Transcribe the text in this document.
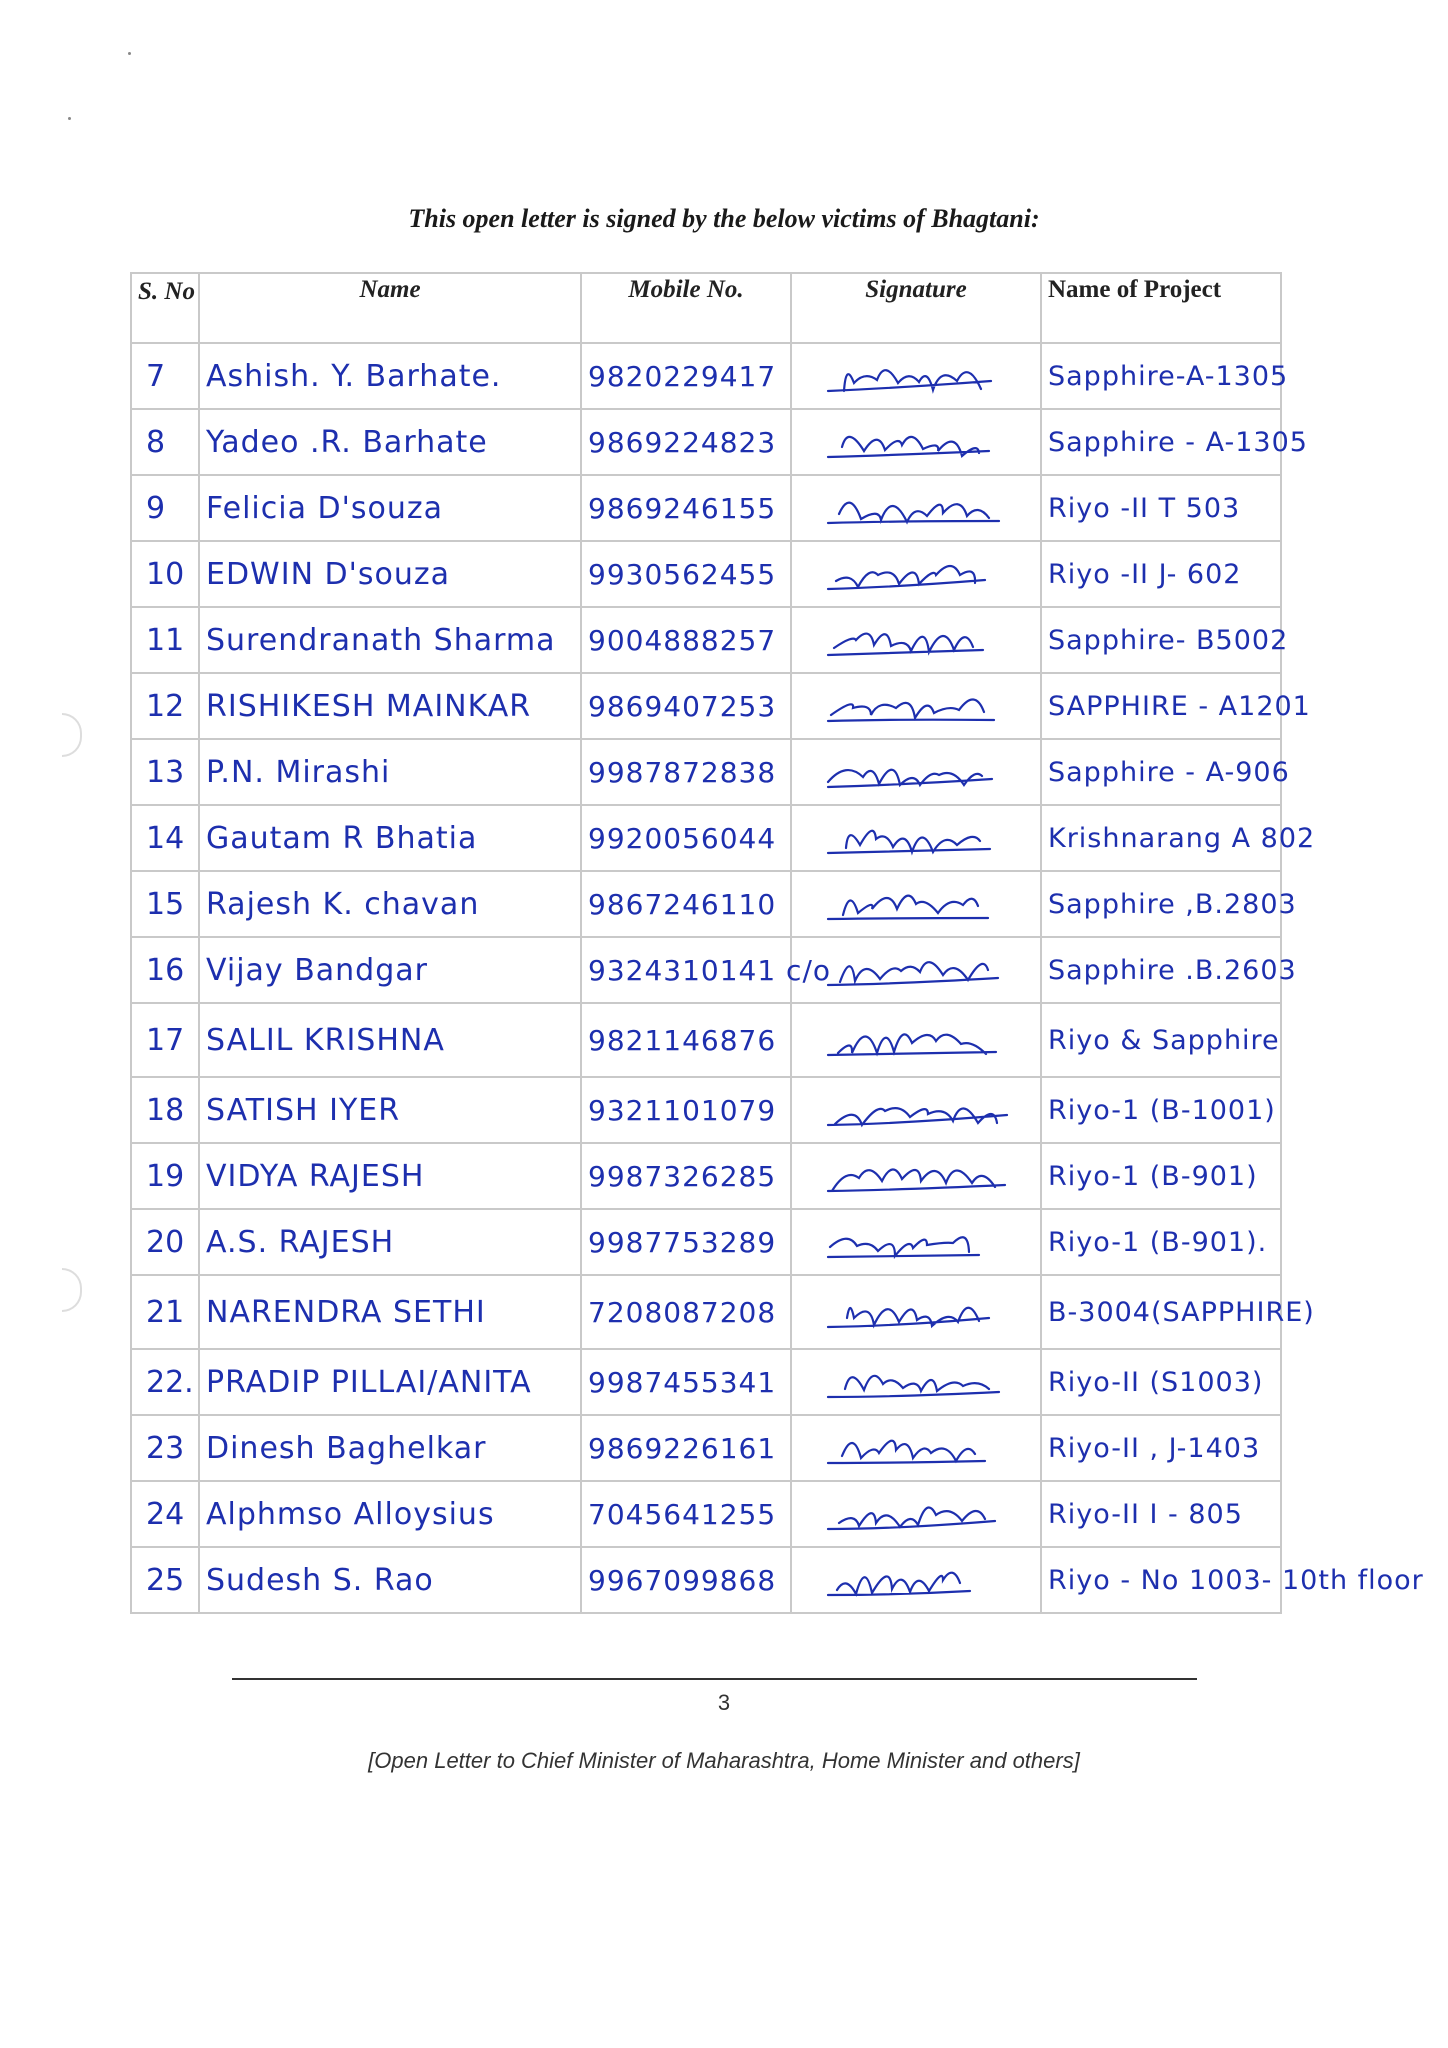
This open letter is signed by the below victims of Bhagtani:
S. No	Name	Mobile No.	Signature	Name of Project
7	Ashish. Y. Barhate.	9820229417		Sapphire-A-1305
8	Yadeo .R. Barhate	9869224823		Sapphire - A-1305
9	Felicia D'souza	9869246155		Riyo -II T 503
10	EDWIN D'souza	9930562455		Riyo -II J- 602
11	Surendranath Sharma	9004888257		Sapphire- B5002
12	RISHIKESH MAINKAR	9869407253		SAPPHIRE - A1201
13	P.N. Mirashi	9987872838		Sapphire - A-906
14	Gautam R Bhatia	9920056044		Krishnarang A 802
15	Rajesh K. chavan	9867246110		Sapphire ,B.2803
16	Vijay Bandgar	9324310141 c/o		Sapphire .B.2603
17	SALIL KRISHNA	9821146876		Riyo & Sapphire
18	SATISH IYER	9321101079		Riyo-1 (B-1001)
19	VIDYA RAJESH	9987326285		Riyo-1 (B-901)
20	A.S. RAJESH	9987753289		Riyo-1 (B-901).
21	NARENDRA SETHI	7208087208		B-3004(SAPPHIRE)
22.	PRADIP PILLAI/ANITA	9987455341		Riyo-II (S1003)
23	Dinesh Baghelkar	9869226161		Riyo-II , J-1403
24	Alphmso Alloysius	7045641255		Riyo-II I - 805
25	Sudesh S. Rao	9967099868		Riyo - No 1003- 10th floor
3
[Open Letter to Chief Minister of Maharashtra, Home Minister and others]
